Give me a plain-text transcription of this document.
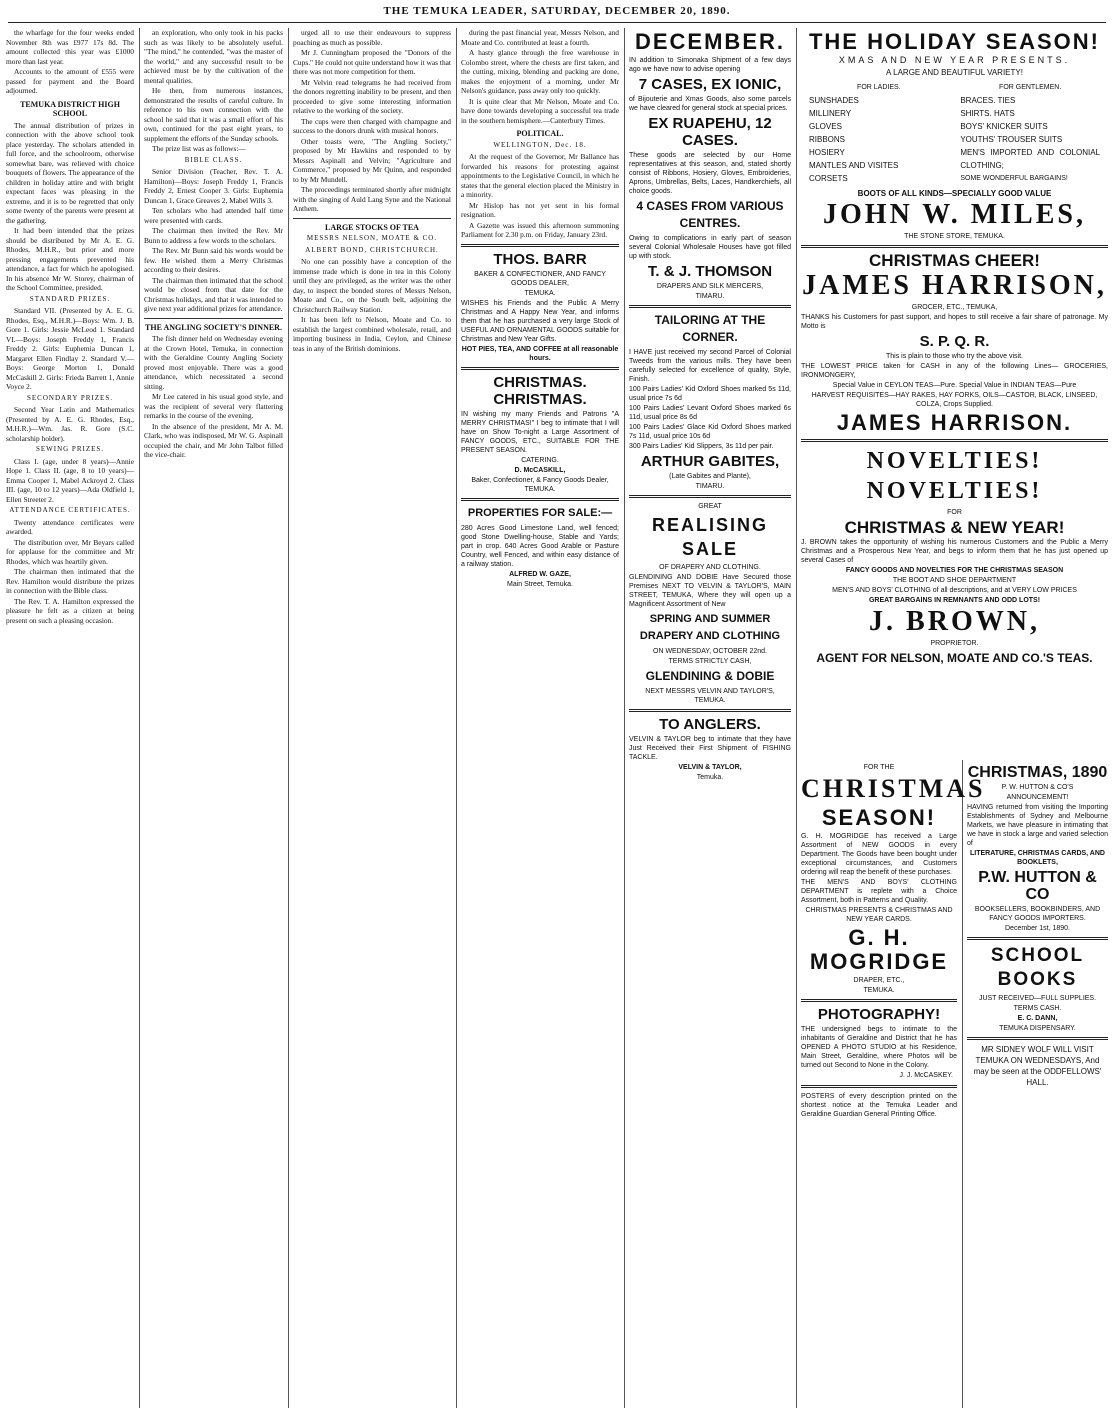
THE TEMUKA LEADER, SATURDAY, DECEMBER 20, 1890.

the wharfage for the four weeks ended November 8th was £977 17s 8d. The amount collected this year was £1000 more than last year.

Accounts to the amount of £555 were passed for payment and the Board adjourned.

TEMUKA DISTRICT HIGH SCHOOL

The annual distribution of prizes in connection with the above school took place yesterday. The scholars attended in full force, and the schoolroom, otherwise somewhat bare, was relieved with choice bouquets of flowers. The appearance of the children in holiday attire and with bright expectant faces was pleasing in the extreme, and it is to be regretted that only some twenty of the parents were present at the gathering.

It had been intended that the prizes should be distributed by Mr A. E. G. Rhodes, M.H.R., but prior and more pressing engagements prevented his attendance, a fact for which he apologised. In his absence Mr W. Storey, chairman of the School Committee, presided.

STANDARD PRIZES.

Standard VII. (Presented by A. E. G. Rhodes, Esq., M.H.R.)—Boys: Wm. J. B. Gore 1. Girls: Jessie McLeod 1. Standard VI.—Boys: Joseph Freddy 1, Francis Freddy 2. Girls: Euphemia Duncan 1, Margaret Ellen Findlay 2. Standard V.—Boys: George Morton 1, Donald McCaskill 2. Girls: Frieda Barrett 1, Annie Voyce 2.

SECONDARY PRIZES.

Second Year Latin and Mathematics (Presented by A. E. G. Rhodes, Esq., M.H.R.)—Wm. Jas. R. Gore (S.C. scholarship holder).

SEWING PRIZES.

Class I. (age, under 8 years)—Annie Hope 1. Class II. (age, 8 to 10 years)—Emma Cooper 1, Mabel Ackroyd 2. Class III. (age, 10 to 12 years)—Ada Oldfield 1, Ellen Streeter 2.

ATTENDANCE CERTIFICATES.

Twenty attendance certificates were awarded.

The distribution over, Mr Beyars called for applause for the committee and Mr Rhodes, which was heartily given.

The chairman then intimated that the Rev. Hamilton would distribute the prizes in connection with the Bible class.

The Rev. T. A. Hamilton expressed the pleasure he felt as a citizen at being present on such a pleasing occasion.

an exploration, who only took in his packs such as was likely to be absolutely useful. "The mind," he contended, "was the master of the world," and any successful result to be achieved must be by the cultivation of the mental qualities.

He then, from numerous instances, demonstrated the results of careful culture. In reference to his own connection with the school he said that it was a small effort of his own, continued for the past eight years, to supplement the efforts of the Sunday schools.

The prize list was as follows:—

BIBLE CLASS.

Senior Division (Teacher, Rev. T. A. Hamilton)—Boys: Joseph Freddy 1, Francis Freddy 2, Ernest Cooper 3. Girls: Euphemia Duncan 1, Grace Greaves 2, Mabel Wills 3.

Ten scholars who had attended half time were presented with cards.

The chairman then invited the Rev. Mr Bunn to address a few words to the scholars.

The Rev. Mr Bunn said his words would be few. He wished them a Merry Christmas according to their desires.

The chairman then intimated that the school would be closed from that date for the Christmas holidays, and that it was intended to give next year additional prizes for attendance.

THE ANGLING SOCIETY'S DINNER.

The fish dinner held on Wednesday evening at the Crown Hotel, Temuka, in connection with the Geraldine County Angling Society proved most enjoyable. There was a good attendance, which necessitated a second sitting.

Mr Lee catered in his usual good style, and was the recipient of several very flattering remarks in the course of the evening.

In the absence of the president, Mr A. M. Clark, who was indisposed, Mr W. G. Aspinall occupied the chair, and Mr John Talbot filled the vice-chair.

urged all to use their endeavours to suppress poaching as much as possible.

Mr J. Cunningham proposed the "Donors of the Cups." He could not quite understand how it was that there was not more competition for them.

Mr Velvin read telegrams he had received from the donors regretting inability to be present, and then proceeded to give some interesting information relative to the working of the society.

The cups were then charged with champagne and success to the donors drunk with musical honors.

Other toasts were, "The Angling Society," proposed by Mr Hawkins and responded to by Messrs Aspinall and Velvin; "Agriculture and Commerce," proposed by Mr Quinn, and responded to by Mr Mundell.

The proceedings terminated shortly after midnight with the singing of Auld Lang Syne and the National Anthem.

LARGE STOCKS OF TEA
MESSRS NELSON, MOATE & CO.
ALBERT BOND, CHRISTCHURCH.

No one can possibly have a conception of the immense trade which is done in tea in this Colony until they are privileged, as the writer was the other day, to inspect the bonded stores of Messrs Nelson, Moate and Co., on the South belt, adjoining the Christchurch Railway Station.

It has been left to Nelson, Moate and Co. to establish the largest combined wholesale, retail, and importing business in India, Ceylon, and Chinese teas in any of the British dominions.

during the past financial year, Messrs Nelson, and Moate and Co. contributed at least a fourth.

A hasty glance through the free warehouse in Colombo street, where the chests are first taken, and the cutting, mixing, blending and packing are done, makes the enjoyment of a morning, under Mr Nelson's guidance, pass away only too quickly.

It is quite clear that Mr Nelson, Moate and Co. have done towards developing a successful tea trade in the southern hemisphere.—Canterbury Times.

POLITICAL.
WELLINGTON, Dec. 18.

At the request of the Governor, Mr Ballance has forwarded his reasons for protesting against appointments to the Legislative Council, in which he states that the general election placed the Ministry in a minority.

Mr Hislop has not yet sent in his formal resignation.

A Gazette was issued this afternoon summoning Parliament for 2.30 p.m. on Friday, January 23rd.

THOS. BARR
BAKER & CONFECTIONER, AND FANCY GOODS DEALER,
TEMUKA.
WISHES his Friends and the Public A Merry Christmas and A Happy New Year, and informs them that he has purchased a very large Stock of USEFUL AND ORNAMENTAL GOODS suitable for Christmas and New Year Gifts.
HOT PIES, TEA, AND COFFEE at all reasonable hours.
CHRISTMAS. CHRISTMAS.
IN wishing my many Friends and Patrons "A MERRY CHRISTMAS!" I beg to intimate that I will have on Show To-night a Large Assortment of FANCY GOODS, ETC., SUITABLE FOR THE PRESENT SEASON.
CATERING.
D. McCASKILL,
Baker, Confectioner, & Fancy Goods Dealer, TEMUKA.
PROPERTIES FOR SALE:—
280 Acres Good Limestone Land, well fenced; good Stone Dwelling-house, Stable and Yards; part in crop. 640 Acres Good Arable or Pasture Country, well Fenced, and within easy distance of a railway station.
ALFRED W. GAZE,
Main Street, Temuka.
DECEMBER.
IN addition to Simonaka Shipment of a few days ago we have now to advise opening
7 CASES, EX IONIC,
of Bijouterie and Xmas Goods, also some parcels we have cleared for general stock at special prices.
EX RUAPEHU, 12 CASES.
These goods are selected by our Home representatives at this season, and, stated shortly consist of Ribbons, Hosiery, Gloves, Embroideries, Aprons, Umbrellas, Belts, Laces, Handkerchiefs, all choice goods.
4 CASES FROM VARIOUS CENTRES.
Owing to complications in early part of season several Colonial Wholesale Houses have got filled up with stock.
T. & J. THOMSON
DRAPERS AND SILK MERCERS,
TIMARU.
TAILORING AT THE CORNER.
I HAVE just received my second Parcel of Colonial Tweeds from the various mills. They have been carefully selected for excellence of quality, Style, Finish.
100 Pairs Ladies' Kid Oxford Shoes marked 5s 11d, usual price 7s 6d
100 Pairs Ladies' Levant Oxford Shoes marked 6s 11d, usual price 8s 6d
100 Pairs Ladies' Glace Kid Oxford Shoes marked 7s 11d, usual price 10s 6d
300 Pairs Ladies' Kid Slippers, 3s 11d per pair.
ARTHUR GABITES,
(Late Gabites and Plante),
TIMARU.
GREAT
REALISING SALE
OF DRAPERY AND CLOTHING.
GLENDINING AND DOBIE Have Secured those Premises NEXT TO VELVIN & TAYLOR'S, MAIN STREET, TEMUKA, Where they will open up a Magnificent Assortment of New
SPRING AND SUMMER DRAPERY AND CLOTHING
ON WEDNESDAY, OCTOBER 22nd.
TERMS STRICTLY CASH,
GLENDINING & DOBIE
NEXT MESSRS VELVIN AND TAYLOR'S, TEMUKA.
TO ANGLERS.
VELVIN & TAYLOR beg to intimate that they have Just Received their First Shipment of FISHING TACKLE.
VELVIN & TAYLOR,
Temuka.
THE HOLIDAY SEASON!
XMAS AND NEW YEAR PRESENTS.
A LARGE AND BEAUTIFUL VARIETY!
FOR LADIES.
SUNSHADES
MILLINERY
GLOVES
RIBBONS
HOSIERY
MANTLES AND VISITES
CORSETS
FOR GENTLEMEN.
BRACES. TIES
SHIRTS. HATS
BOYS' KNICKER SUITS
YOUTHS' TROUSER SUITS
MEN'S IMPORTED AND COLONIAL CLOTHING;
SOME WONDERFUL BARGAINS!
BOOTS OF ALL KINDS—SPECIALLY GOOD VALUE
JOHN W. MILES,
THE STONE STORE, TEMUKA.
CHRISTMAS CHEER!
JAMES HARRISON,
GROCER, ETC., TEMUKA,
THANKS his Customers for past support, and hopes to still receive a fair share of patronage. My Motto is
S. P. Q. R.
This is plain to those who try the above visit.
THE LOWEST PRICE taken for CASH in any of the following Lines— GROCERIES, IRONMONGERY,
Special Value in CEYLON TEAS—Pure. Special Value in INDIAN TEAS—Pure
HARVEST REQUISITES—HAY RAKES, HAY FORKS, OILS—CASTOR, BLACK, LINSEED, COLZA, Crops Supplied.
JAMES HARRISON.
NOVELTIES! NOVELTIES!
FOR
CHRISTMAS & NEW YEAR!
J. BROWN takes the opportunity of wishing his numerous Customers and the Public a Merry Christmas and a Prosperous New Year, and begs to inform them that he has just opened up several Cases of
FANCY GOODS AND NOVELTIES FOR THE CHRISTMAS SEASON
THE BOOT AND SHOE DEPARTMENT
MEN'S AND BOYS' CLOTHING of all descriptions, and at VERY LOW PRICES
GREAT BARGAINS IN REMNANTS AND ODD LOTS!
J. BROWN,
PROPRIETOR.
AGENT FOR NELSON, MOATE AND CO.'S TEAS.
FOR THE
CHRISTMAS
SEASON!
G. H. MOGRIDGE has received a Large Assortment of NEW GOODS in every Department. The Goods have been bought under exceptional circumstances, and Customers ordering will reap the benefit of these purchases.
THE MEN'S AND BOYS' CLOTHING DEPARTMENT is replete with a Choice Assortment, both in Patterns and Quality.
CHRISTMAS PRESENTS & CHRISTMAS AND NEW YEAR CARDS.
G. H. MOGRIDGE
DRAPER, ETC.,
TEMUKA.
PHOTOGRAPHY!
THE undersigned begs to intimate to the inhabitants of Geraldine and District that he has OPENED A PHOTO STUDIO at his Residence, Main Street, Geraldine, where Photos will be turned out Second to None in the Colony.
J. J. McCASKEY.
POSTERS of every description printed on the shortest notice at the Temuka Leader and Geraldine Guardian General Printing Office.
CHRISTMAS, 1890
P. W. HUTTON & CO'S
ANNOUNCEMENT!
HAVING returned from visiting the Importing Establishments of Sydney and Melbourne Markets, we have pleasure in intimating that we have in stock a large and varied selection of
LITERATURE, CHRISTMAS CARDS, AND BOOKLETS,
P.W. HUTTON & CO
BOOKSELLERS, BOOKBINDERS, AND FANCY GOODS IMPORTERS.
December 1st, 1890.
SCHOOL BOOKS
JUST RECEIVED—FULL SUPPLIES.
TERMS CASH.
E. C. DANN,
TEMUKA DISPENSARY.
MR SIDNEY WOLF WILL VISIT TEMUKA ON WEDNESDAYS, And may be seen at the ODDFELLOWS' HALL.
